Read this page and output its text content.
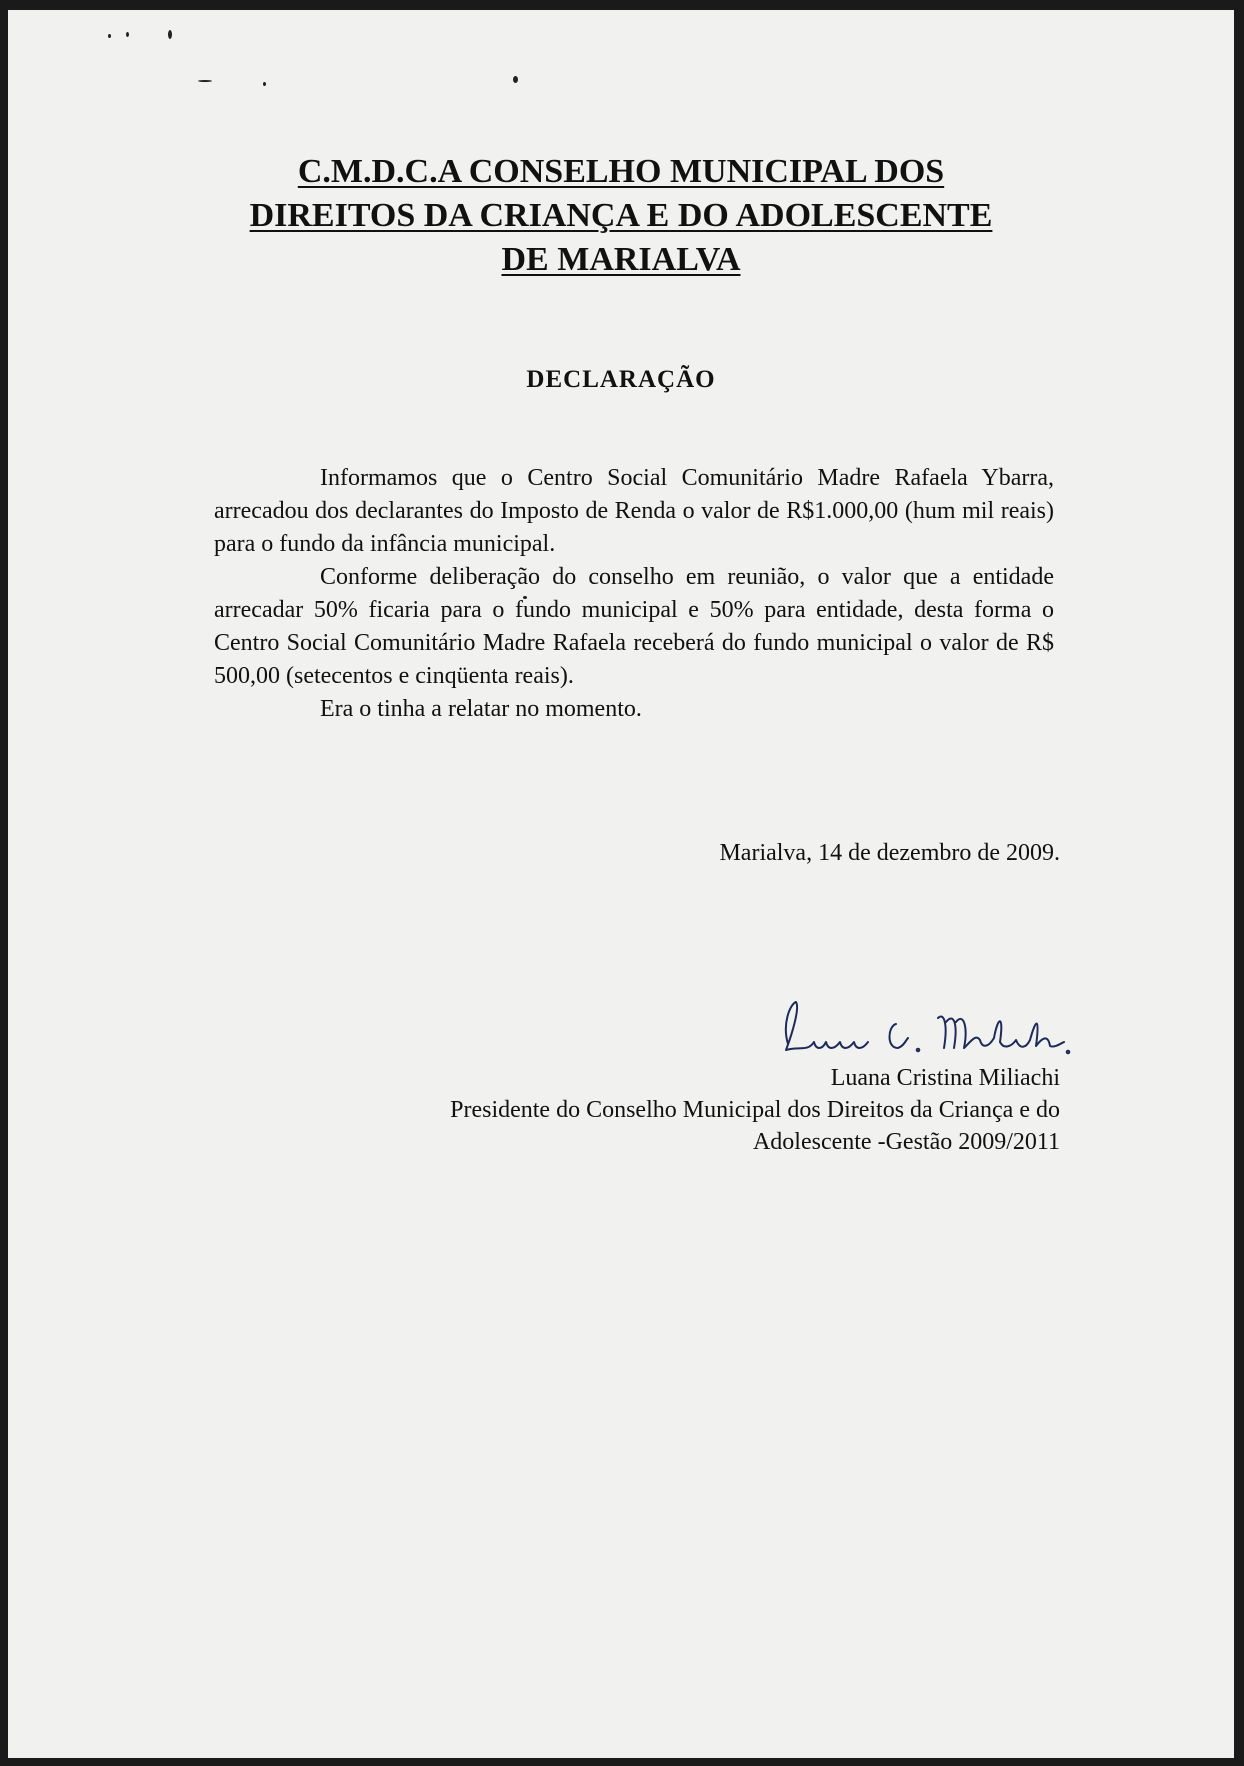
C.M.D.C.A CONSELHO MUNICIPAL DOS
DIREITOS DA CRIANÇA E DO ADOLESCENTE
DE MARIALVA
DECLARAÇÃO

Informamos que o Centro Social Comunitário Madre Rafaela Ybarra, arrecadou dos declarantes do Imposto de Renda o valor de R$1.000,00 (hum mil reais) para o fundo da infância municipal.

Conforme deliberação do conselho em reunião, o valor que a entidade arrecadar 50% ficaria para o fundo municipal e 50% para entidade, desta forma o Centro Social Comunitário Madre Rafaela receberá do fundo municipal o valor de R$ 500,00 (setecentos e cinqüenta reais).

Era o tinha a relatar no momento.

Marialva, 14 de dezembro de 2009.
Luana Cristina Miliachi
Presidente do Conselho Municipal dos Direitos da Criança e do
Adolescente -Gestão 2009/2011
